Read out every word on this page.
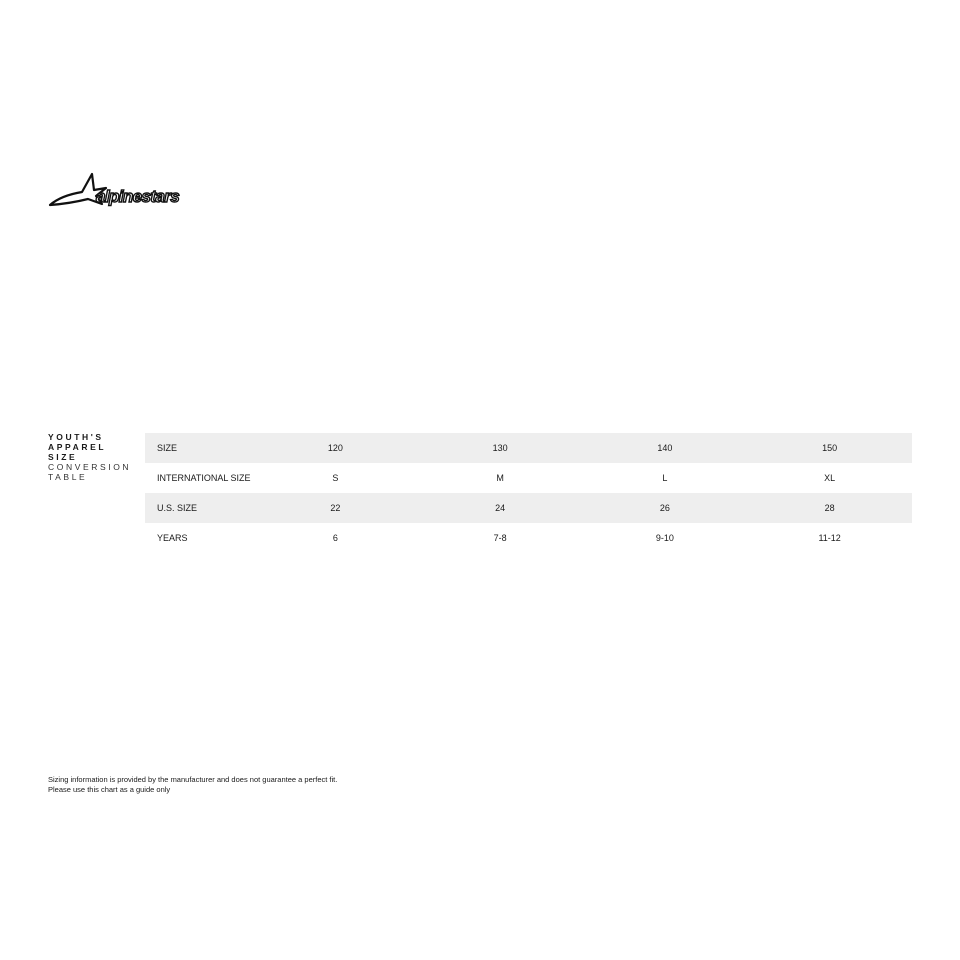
alpinestars
YOUTH'S
APPAREL
SIZE
CONVERSION
TABLE
SIZE	120	130	140	150
INTERNATIONAL SIZE	S	M	L	XL
U.S. SIZE	22	24	26	28
YEARS	6	7-8	9-10	11-12
Sizing information is provided by the manufacturer and does not guarantee a perfect fit.
Please use this chart as a guide only
